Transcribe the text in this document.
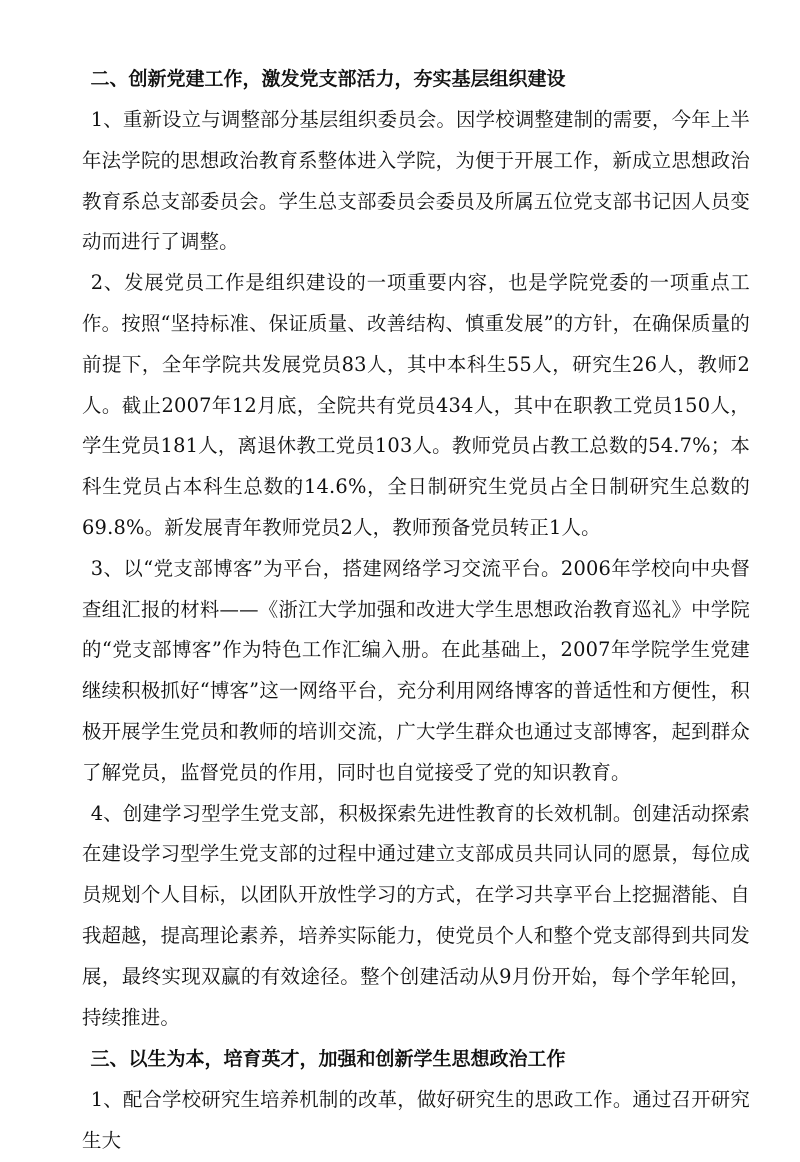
二、创新党建工作，激发党支部活力，夯实基层组织建设

1、重新设立与调整部分基层组织委员会。因学校调整建制的需要，今年上半年法学院的思想政治教育系整体进入学院，为便于开展工作，新成立思想政治教育系总支部委员会。学生总支部委员会委员及所属五位党支部书记因人员变动而进行了调整。

2、发展党员工作是组织建设的一项重要内容，也是学院党委的一项重点工作。按照“坚持标准、保证质量、改善结构、慎重发展”的方针，在确保质量的前提下，全年学院共发展党员83人，其中本科生55人，研究生26人，教师2人。截止2007年12月底，全院共有党员434人，其中在职教工党员150人，学生党员181人，离退休教工党员103人。教师党员占教工总数的54.7%；本科生党员占本科生总数的14.6%，全日制研究生党员占全日制研究生总数的69.8%。新发展青年教师党员2人，教师预备党员转正1人。

3、以“党支部博客”为平台，搭建网络学习交流平台。2006年学校向中央督查组汇报的材料——《浙江大学加强和改进大学生思想政治教育巡礼》中学院的“党支部博客”作为特色工作汇编入册。在此基础上，2007年学院学生党建继续积极抓好“博客”这一网络平台，充分利用网络博客的普适性和方便性，积极开展学生党员和教师的培训交流，广大学生群众也通过支部博客，起到群众了解党员，监督党员的作用，同时也自觉接受了党的知识教育。

4、创建学习型学生党支部，积极探索先进性教育的长效机制。创建活动探索在建设学习型学生党支部的过程中通过建立支部成员共同认同的愿景，每位成员规划个人目标，以团队开放性学习的方式，在学习共享平台上挖掘潜能、自我超越，提高理论素养，培养实际能力，使党员个人和整个党支部得到共同发展，最终实现双赢的有效途径。整个创建活动从9月份开始，每个学年轮回，持续推进。

三、以生为本，培育英才，加强和创新学生思想政治工作

1、配合学校研究生培养机制的改革，做好研究生的思政工作。通过召开研究生大
